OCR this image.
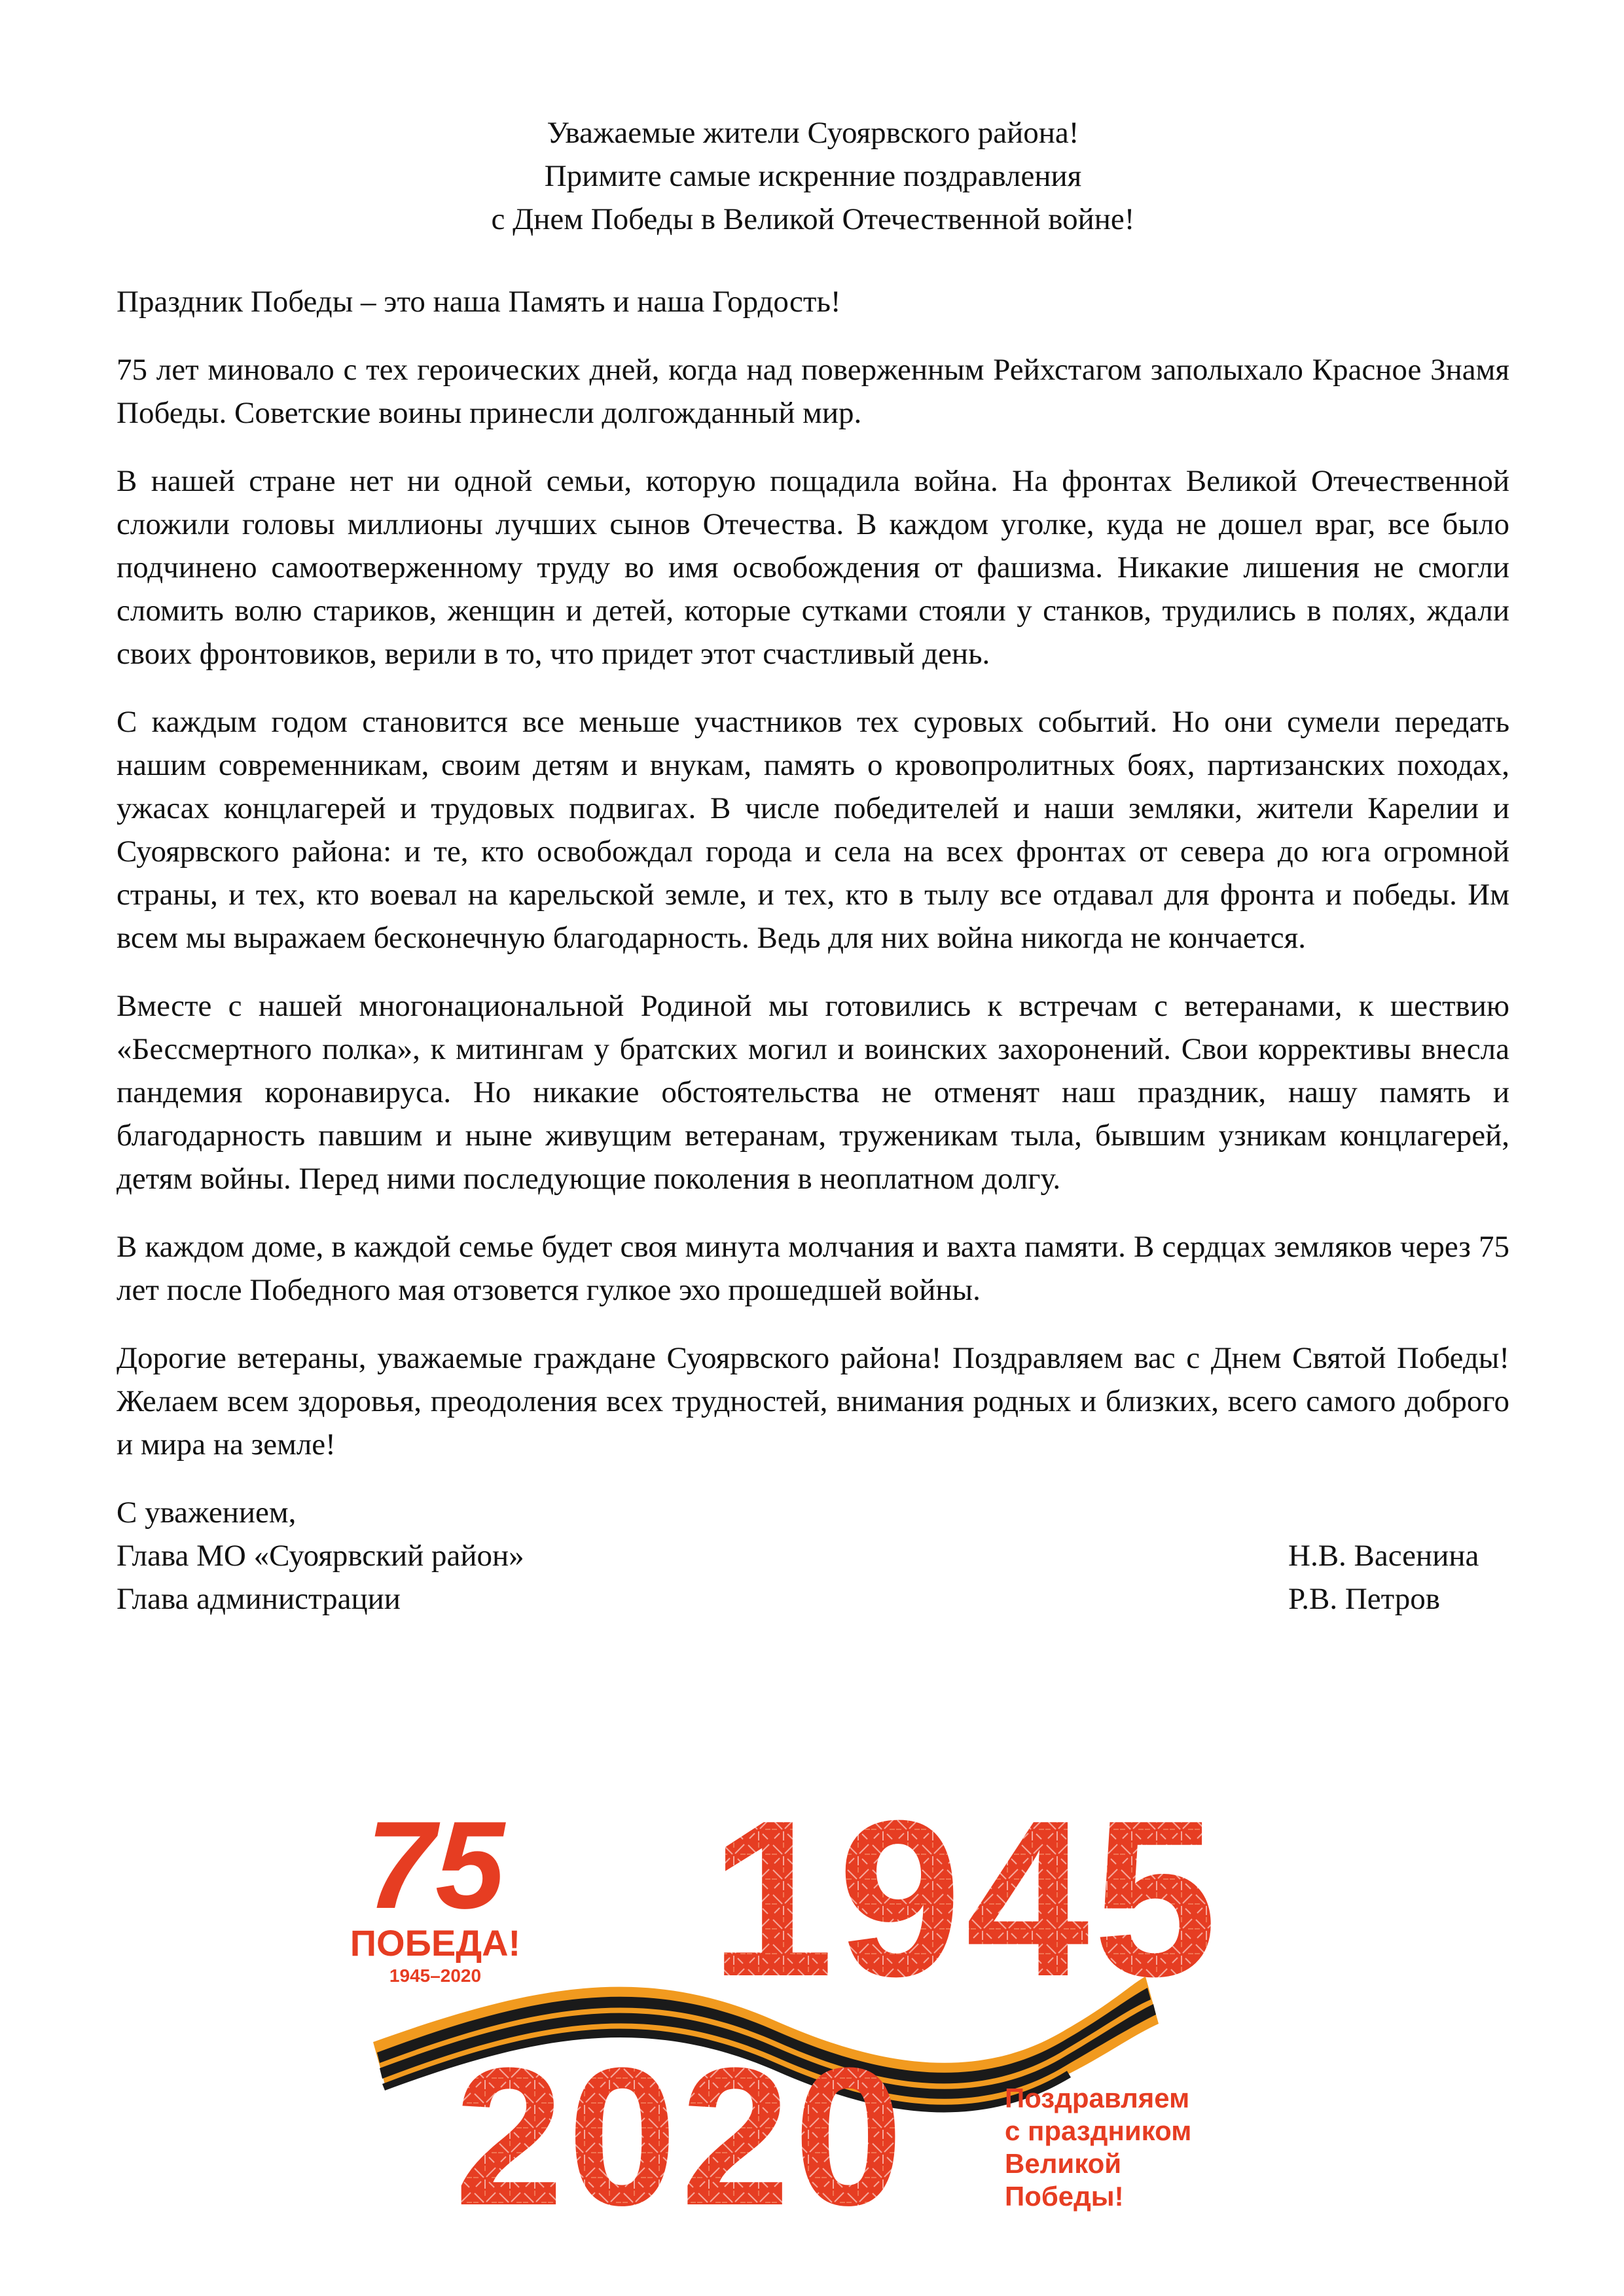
Уважаемые жители Суоярвского района!
Примите самые искренние поздравления
с Днем Победы в Великой Отечественной войне!

Праздник Победы – это наша Память и наша Гордость!

75 лет миновало с тех героических дней, когда над поверженным Рейхстагом заполыхало Красное Знамя Победы. Советские воины принесли долгожданный мир.

В нашей стране нет ни одной семьи, которую пощадила война. На фронтах Великой Отечественной сложили головы миллионы лучших сынов Отечества. В каждом уголке, куда не дошел враг, все было подчинено самоотверженному труду во имя освобождения от фашизма. Никакие лишения не смогли сломить волю стариков, женщин и детей, которые сутками стояли у станков, трудились в полях, ждали своих фронтовиков, верили в то, что придет этот счастливый день.

С каждым годом становится все меньше участников тех суровых событий. Но они сумели передать нашим современникам, своим детям и внукам, память о кровопролитных боях, партизанских походах, ужасах концлагерей и трудовых подвигах. В числе победителей и наши земляки, жители Карелии и Суоярвского района: и те, кто освобождал города и села на всех фронтах от севера до юга огромной страны, и тех, кто воевал на карельской земле, и тех, кто в тылу все отдавал для фронта и победы. Им всем мы выражаем бесконечную благодарность. Ведь для них война никогда не кончается.

Вместе с нашей многонациональной Родиной мы готовились к встречам с ветеранами, к шествию «Бессмертного полка», к митингам у братских могил и воинских захоронений. Свои коррективы внесла пандемия коронавируса. Но никакие обстоятельства не отменят наш праздник, нашу память и благодарность павшим и ныне живущим ветеранам, труженикам тыла, бывшим узникам концлагерей, детям войны. Перед ними последующие поколения в неоплатном долгу.

В каждом доме, в каждой семье будет своя минута молчания и вахта памяти. В сердцах земляков через 75 лет после Победного мая отзовется гулкое эхо прошедшей войны.

Дорогие ветераны, уважаемые граждане Суоярвского района! Поздравляем вас с Днем Святой Победы! Желаем всем здоровья, преодоления всех трудностей, внимания родных и близких, всего самого доброго и мира на земле!

С уважением,
Глава МО «Суоярвский район»	Н.В. Васенина
Глава администрации	Р.В. Петров
75
ПОБЕДА!
1945–2020 1945
2020	Поздравляем
с праздником
Великой
Победы!
